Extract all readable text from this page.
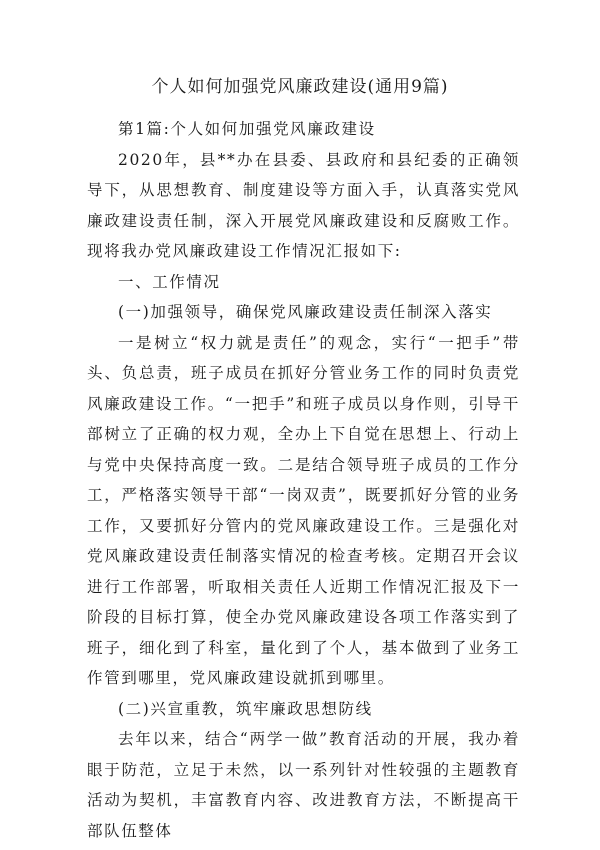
个人如何加强党风廉政建设(通用9篇)

第1篇:个人如何加强党风廉政建设

2020年，县**办在县委、县政府和县纪委的正确领导下，从思想教育、制度建设等方面入手，认真落实党风廉政建设责任制，深入开展党风廉政建设和反腐败工作。现将我办党风廉政建设工作情况汇报如下:

一、工作情况

(一)加强领导，确保党风廉政建设责任制深入落实

一是树立“权力就是责任”的观念，实行“一把手”带头、负总责，班子成员在抓好分管业务工作的同时负责党风廉政建设工作。“一把手”和班子成员以身作则，引导干部树立了正确的权力观，全办上下自觉在思想上、行动上与党中央保持高度一致。二是结合领导班子成员的工作分工，严格落实领导干部“一岗双责”，既要抓好分管的业务工作，又要抓好分管内的党风廉政建设工作。三是强化对党风廉政建设责任制落实情况的检查考核。定期召开会议进行工作部署，听取相关责任人近期工作情况汇报及下一阶段的目标打算，使全办党风廉政建设各项工作落实到了班子，细化到了科室，量化到了个人，基本做到了业务工作管到哪里，党风廉政建设就抓到哪里。

(二)兴宣重教，筑牢廉政思想防线

去年以来，结合“两学一做”教育活动的开展，我办着眼于防范，立足于未然，以一系列针对性较强的主题教育活动为契机，丰富教育内容、改进教育方法，不断提高干部队伍整体
